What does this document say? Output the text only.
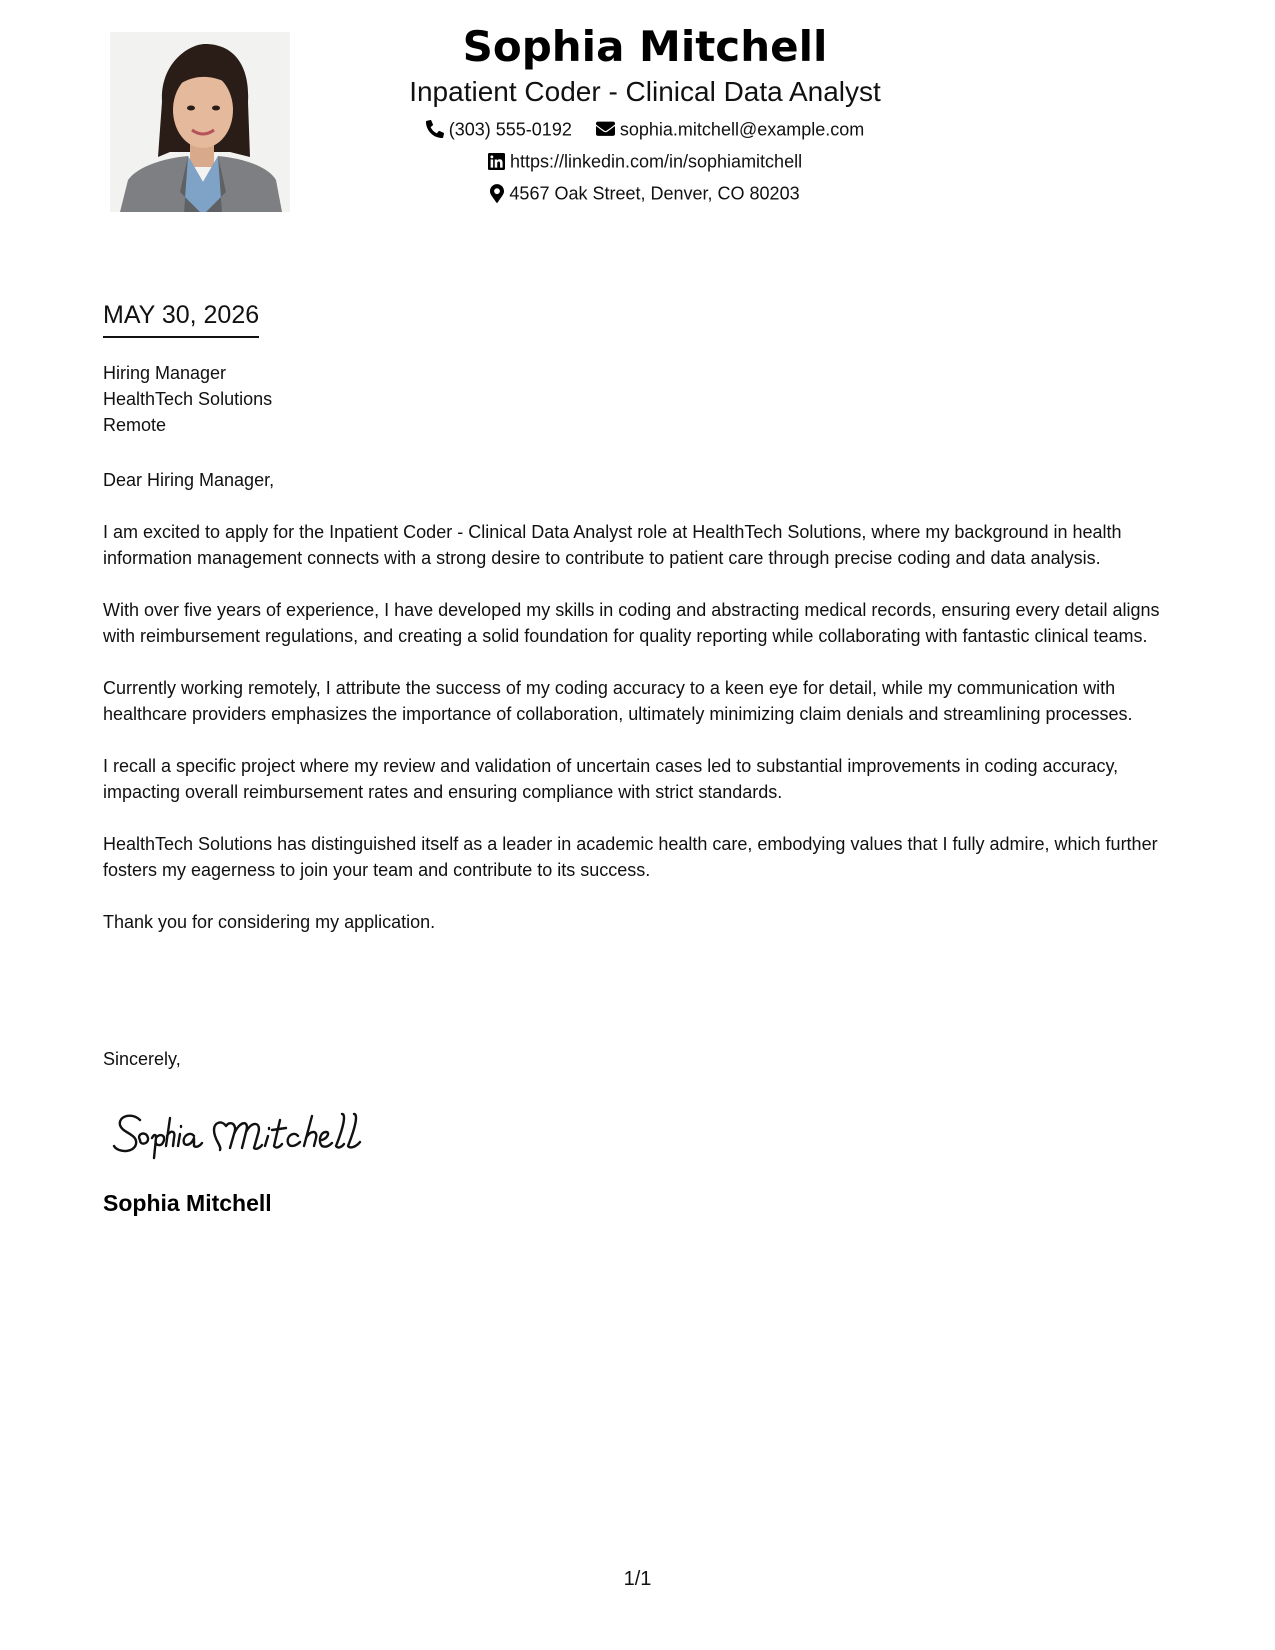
Sophia Mitchell
Inpatient Coder - Clinical Data Analyst
(303) 555-0192	sophia.mitchell@example.com
https://linkedin.com/in/sophiamitchell
4567 Oak Street, Denver, CO 80203
MAY 30, 2026
Hiring Manager
HealthTech Solutions
Remote

Dear Hiring Manager,

I am excited to apply for the Inpatient Coder - Clinical Data Analyst role at HealthTech Solutions, where my background in health information management connects with a strong desire to contribute to patient care through precise coding and data analysis.

With over five years of experience, I have developed my skills in coding and abstracting medical records, ensuring every detail aligns with reimbursement regulations, and creating a solid foundation for quality reporting while collaborating with fantastic clinical teams.

Currently working remotely, I attribute the success of my coding accuracy to a keen eye for detail, while my communication with healthcare providers emphasizes the importance of collaboration, ultimately minimizing claim denials and streamlining processes.

I recall a specific project where my review and validation of uncertain cases led to substantial improvements in coding accuracy, impacting overall reimbursement rates and ensuring compliance with strict standards.

HealthTech Solutions has distinguished itself as a leader in academic health care, embodying values that I fully admire, which further fosters my eagerness to join your team and contribute to its success.

Thank you for considering my application.

Sincerely,
Sophia Mitchell
1/1
